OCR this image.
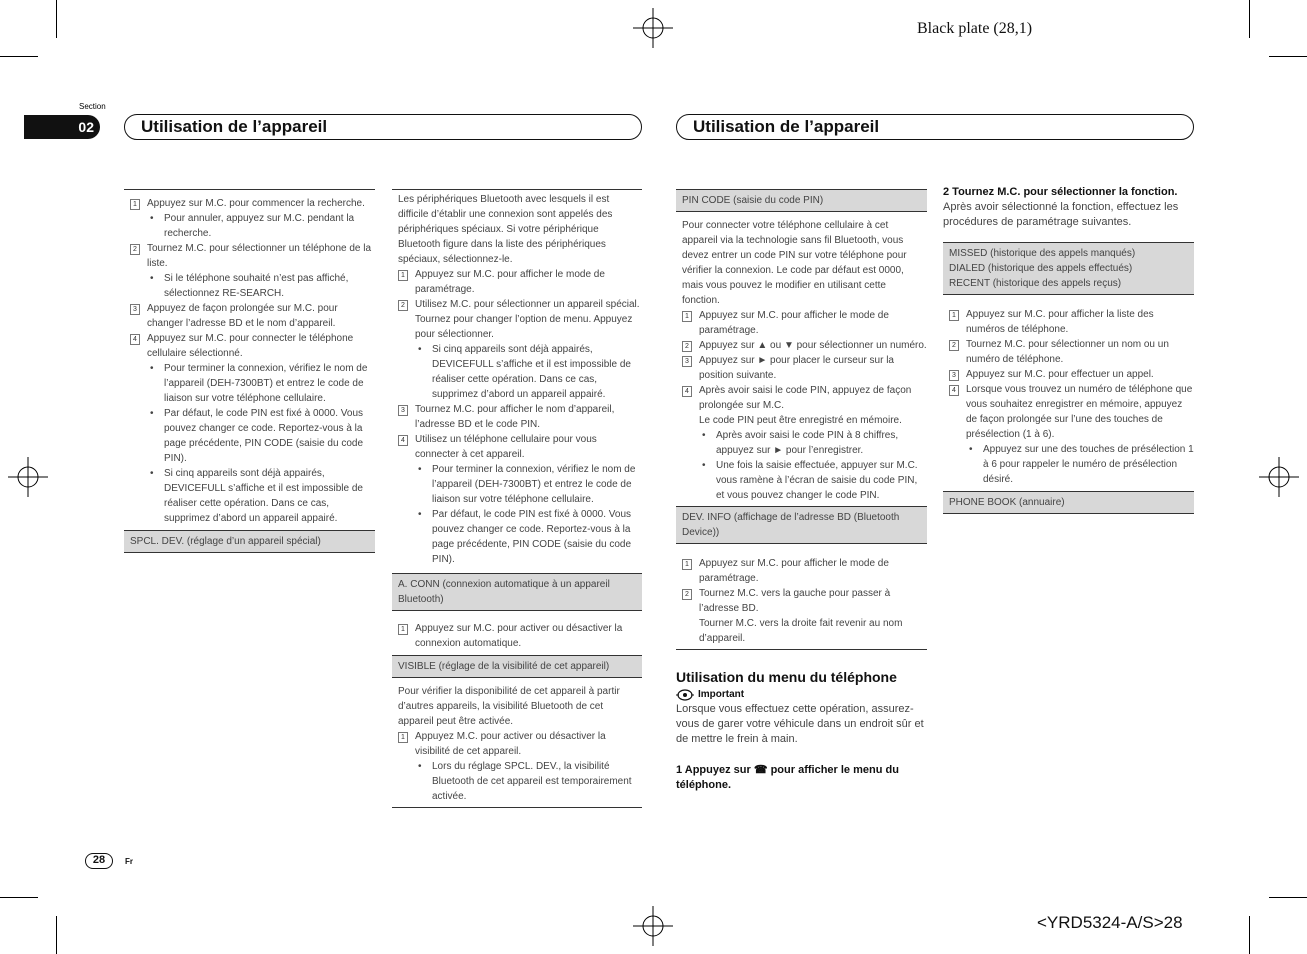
Black plate (28,1)
<YRD5324-A/S>28
Section
02	Utilisation de l’appareil	Utilisation de l’appareil
1	Appuyez sur M.C. pour commencer la recherche.
• Pour annuler, appuyez sur M.C. pendant la recherche.
2	Tournez M.C. pour sélectionner un téléphone de la liste.
• Si le téléphone souhaité n’est pas affiché, sélectionnez RE-SEARCH.
3	Appuyez de façon prolongée sur M.C. pour changer l’adresse BD et le nom d’appareil.
4	Appuyez sur M.C. pour connecter le téléphone cellulaire sélectionné.
• Pour terminer la connexion, vérifiez le nom de l’appareil (DEH-7300BT) et entrez le code de liaison sur votre téléphone cellulaire.
• Par défaut, le code PIN est fixé à 0000. Vous pouvez changer ce code. Reportez-vous à la page précédente, PIN CODE (saisie du code PIN).
• Si cinq appareils sont déjà appairés, DEVICEFULL s’affiche et il est impossible de réaliser cette opération. Dans ce cas, supprimez d’abord un appareil appairé.
SPCL. DEV. (réglage d’un appareil spécial)

Les périphériques Bluetooth avec lesquels il est difficile d’établir une connexion sont appelés des périphériques spéciaux. Si votre périphérique Bluetooth figure dans la liste des périphériques spéciaux, sélectionnez-le.

1	Appuyez sur M.C. pour afficher le mode de paramétrage.
2	Utilisez M.C. pour sélectionner un appareil spécial.
Tournez pour changer l’option de menu. Appuyez pour sélectionner.
• Si cinq appareils sont déjà appairés, DEVICEFULL s’affiche et il est impossible de réaliser cette opération. Dans ce cas, supprimez d’abord un appareil appairé.
3	Tournez M.C. pour afficher le nom d’appareil, l’adresse BD et le code PIN.
4	Utilisez un téléphone cellulaire pour vous connecter à cet appareil.
• Pour terminer la connexion, vérifiez le nom de l’appareil (DEH-7300BT) et entrez le code de liaison sur votre téléphone cellulaire.
• Par défaut, le code PIN est fixé à 0000. Vous pouvez changer ce code. Reportez-vous à la page précédente, PIN CODE (saisie du code PIN).
A. CONN (connexion automatique à un appareil Bluetooth)
1	Appuyez sur M.C. pour activer ou désactiver la connexion automatique.
VISIBLE (réglage de la visibilité de cet appareil)

Pour vérifier la disponibilité de cet appareil à partir d’autres appareils, la visibilité Bluetooth de cet appareil peut être activée.

1	Appuyez M.C. pour activer ou désactiver la visibilité de cet appareil.
• Lors du réglage SPCL. DEV., la visibilité Bluetooth de cet appareil est temporairement activée.
PIN CODE (saisie du code PIN)

Pour connecter votre téléphone cellulaire à cet appareil via la technologie sans fil Bluetooth, vous devez entrer un code PIN sur votre téléphone pour vérifier la connexion. Le code par défaut est 0000, mais vous pouvez le modifier en utilisant cette fonction.

1	Appuyez sur M.C. pour afficher le mode de paramétrage.
2	Appuyez sur ▲ ou ▼ pour sélectionner un numéro.
3	Appuyez sur ► pour placer le curseur sur la position suivante.
4	Après avoir saisi le code PIN, appuyez de façon prolongée sur M.C.
Le code PIN peut être enregistré en mémoire.
• Après avoir saisi le code PIN à 8 chiffres, appuyez sur ► pour l’enregistrer.
• Une fois la saisie effectuée, appuyer sur M.C. vous ramène à l’écran de saisie du code PIN, et vous pouvez changer le code PIN.
DEV. INFO (affichage de l’adresse BD (Bluetooth Device))
1	Appuyez sur M.C. pour afficher le mode de paramétrage.
2	Tournez M.C. vers la gauche pour passer à l’adresse BD.
Tourner M.C. vers la droite fait revenir au nom d’appareil.
Utilisation du menu du téléphone
Important

Lorsque vous effectuez cette opération, assurez-vous de garer votre véhicule dans un endroit sûr et de mettre le frein à main.

1 Appuyez sur ☎ pour afficher le menu du téléphone.
2 Tournez M.C. pour sélectionner la fonction.

Après avoir sélectionné la fonction, effectuez les procédures de paramétrage suivantes.

MISSED (historique des appels manqués)
DIALED (historique des appels effectués)
RECENT (historique des appels reçus)
1	Appuyez sur M.C. pour afficher la liste des numéros de téléphone.
2	Tournez M.C. pour sélectionner un nom ou un numéro de téléphone.
3	Appuyez sur M.C. pour effectuer un appel.
4	Lorsque vous trouvez un numéro de téléphone que vous souhaitez enregistrer en mémoire, appuyez de façon prolongée sur l’une des touches de présélection (1 à 6).
• Appuyez sur une des touches de présélection 1 à 6 pour rappeler le numéro de présélection désiré.
PHONE BOOK (annuaire)
28	Fr
